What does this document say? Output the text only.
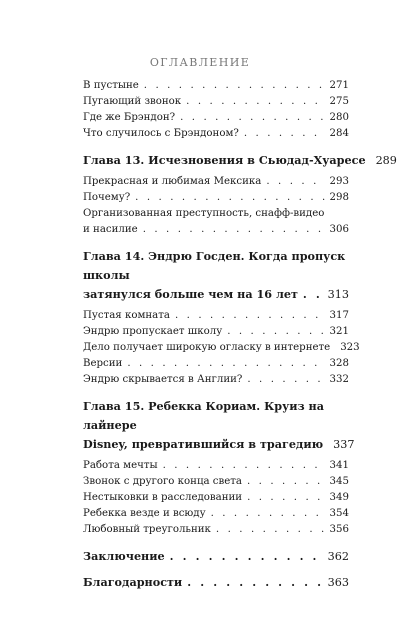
ОГЛАВЛЕНИЕ
В пустыне . . .	271
Пугающий звонок . . .	275
Где же Брэндон? . . .	280
Что случилось с Брэндоном? . . .	284
Глава 13. Исчезновения в Сьюдад-Хуаресе 289
Прекрасная и любимая Мексика . . .	293
Почему? . . .	298
Организованная преступность, снафф-видео
и насилие . . .	306
Глава 14. Эндрю Госден. Когда пропуск школы
затянулся больше чем на 16 лет . . .	313
Пустая комната . . .	317
Эндрю пропускает школу . . .	321
Дело получает широкую огласку в интернете 323
Версии . . .	328
Эндрю скрывается в Англии? . . .	332
Глава 15. Ребекка Кориам. Круиз на лайнере
Disney, превратившийся в трагедию 337
Работа мечты . . .	341
Звонок с другого конца света . . .	345
Нестыковки в расследовании . . .	349
Ребекка везде и всюду . . .	354
Любовный треугольник . . .	356
Заключение . . .	362
Благодарности . . .	363
